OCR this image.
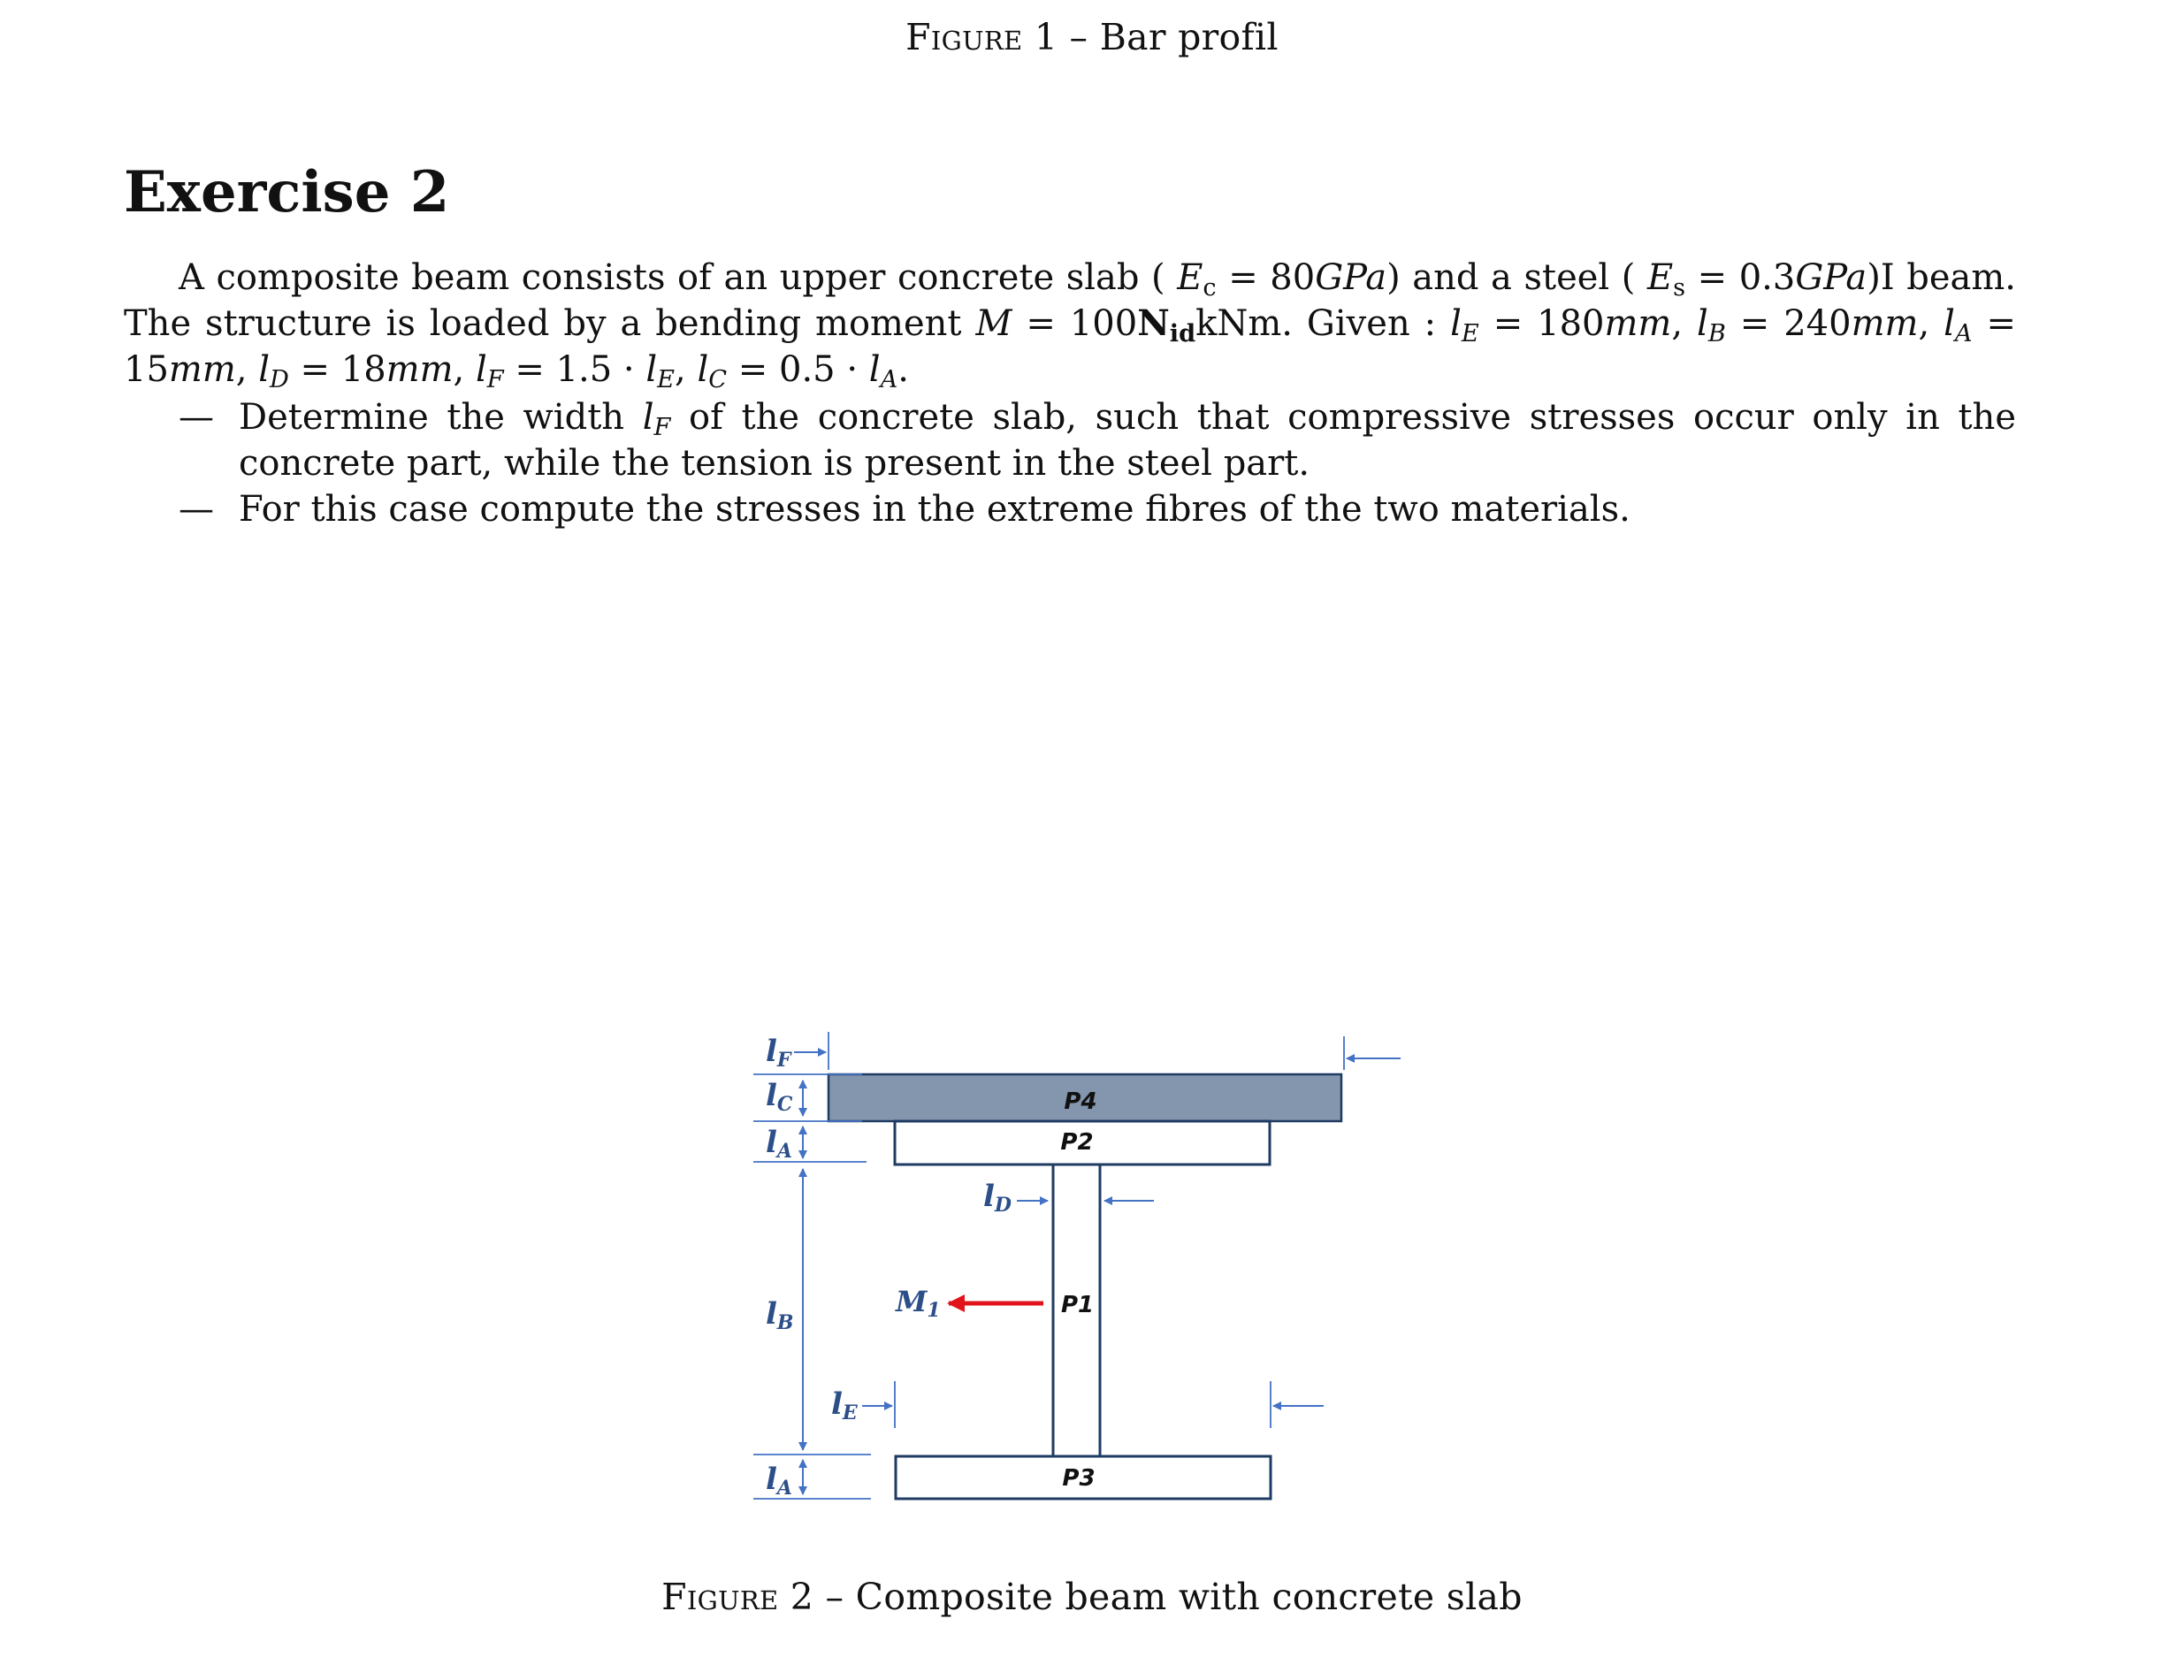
Figure 1 – Bar profil
Exercise 2

A composite beam consists of an upper concrete slab ( $E_c = 80GPa$) and a steel ( $E_s = 0.3GPa)I$ beam. The structure is loaded by a bending moment $M = 100N_{id}kNm$. Given : $l_E = 180mm$, $l_B = 240mm$, $l_A = 15mm$, $l_D = 18mm$, $l_F = 1.5 \cdot l_E$, $l_C = 0.5 \cdot l_A$.

— Determine the width $l_F$ of the concrete slab, such that compressive stresses occur only in the concrete part, while the tension is present in the steel part.
— For this case compute the stresses in the extreme fibres of the two materials.
P4
P2
P1
P3
M1
lF
lC
lA
lB
lA
lD
lE
Figure 2 – Composite beam with concrete slab
